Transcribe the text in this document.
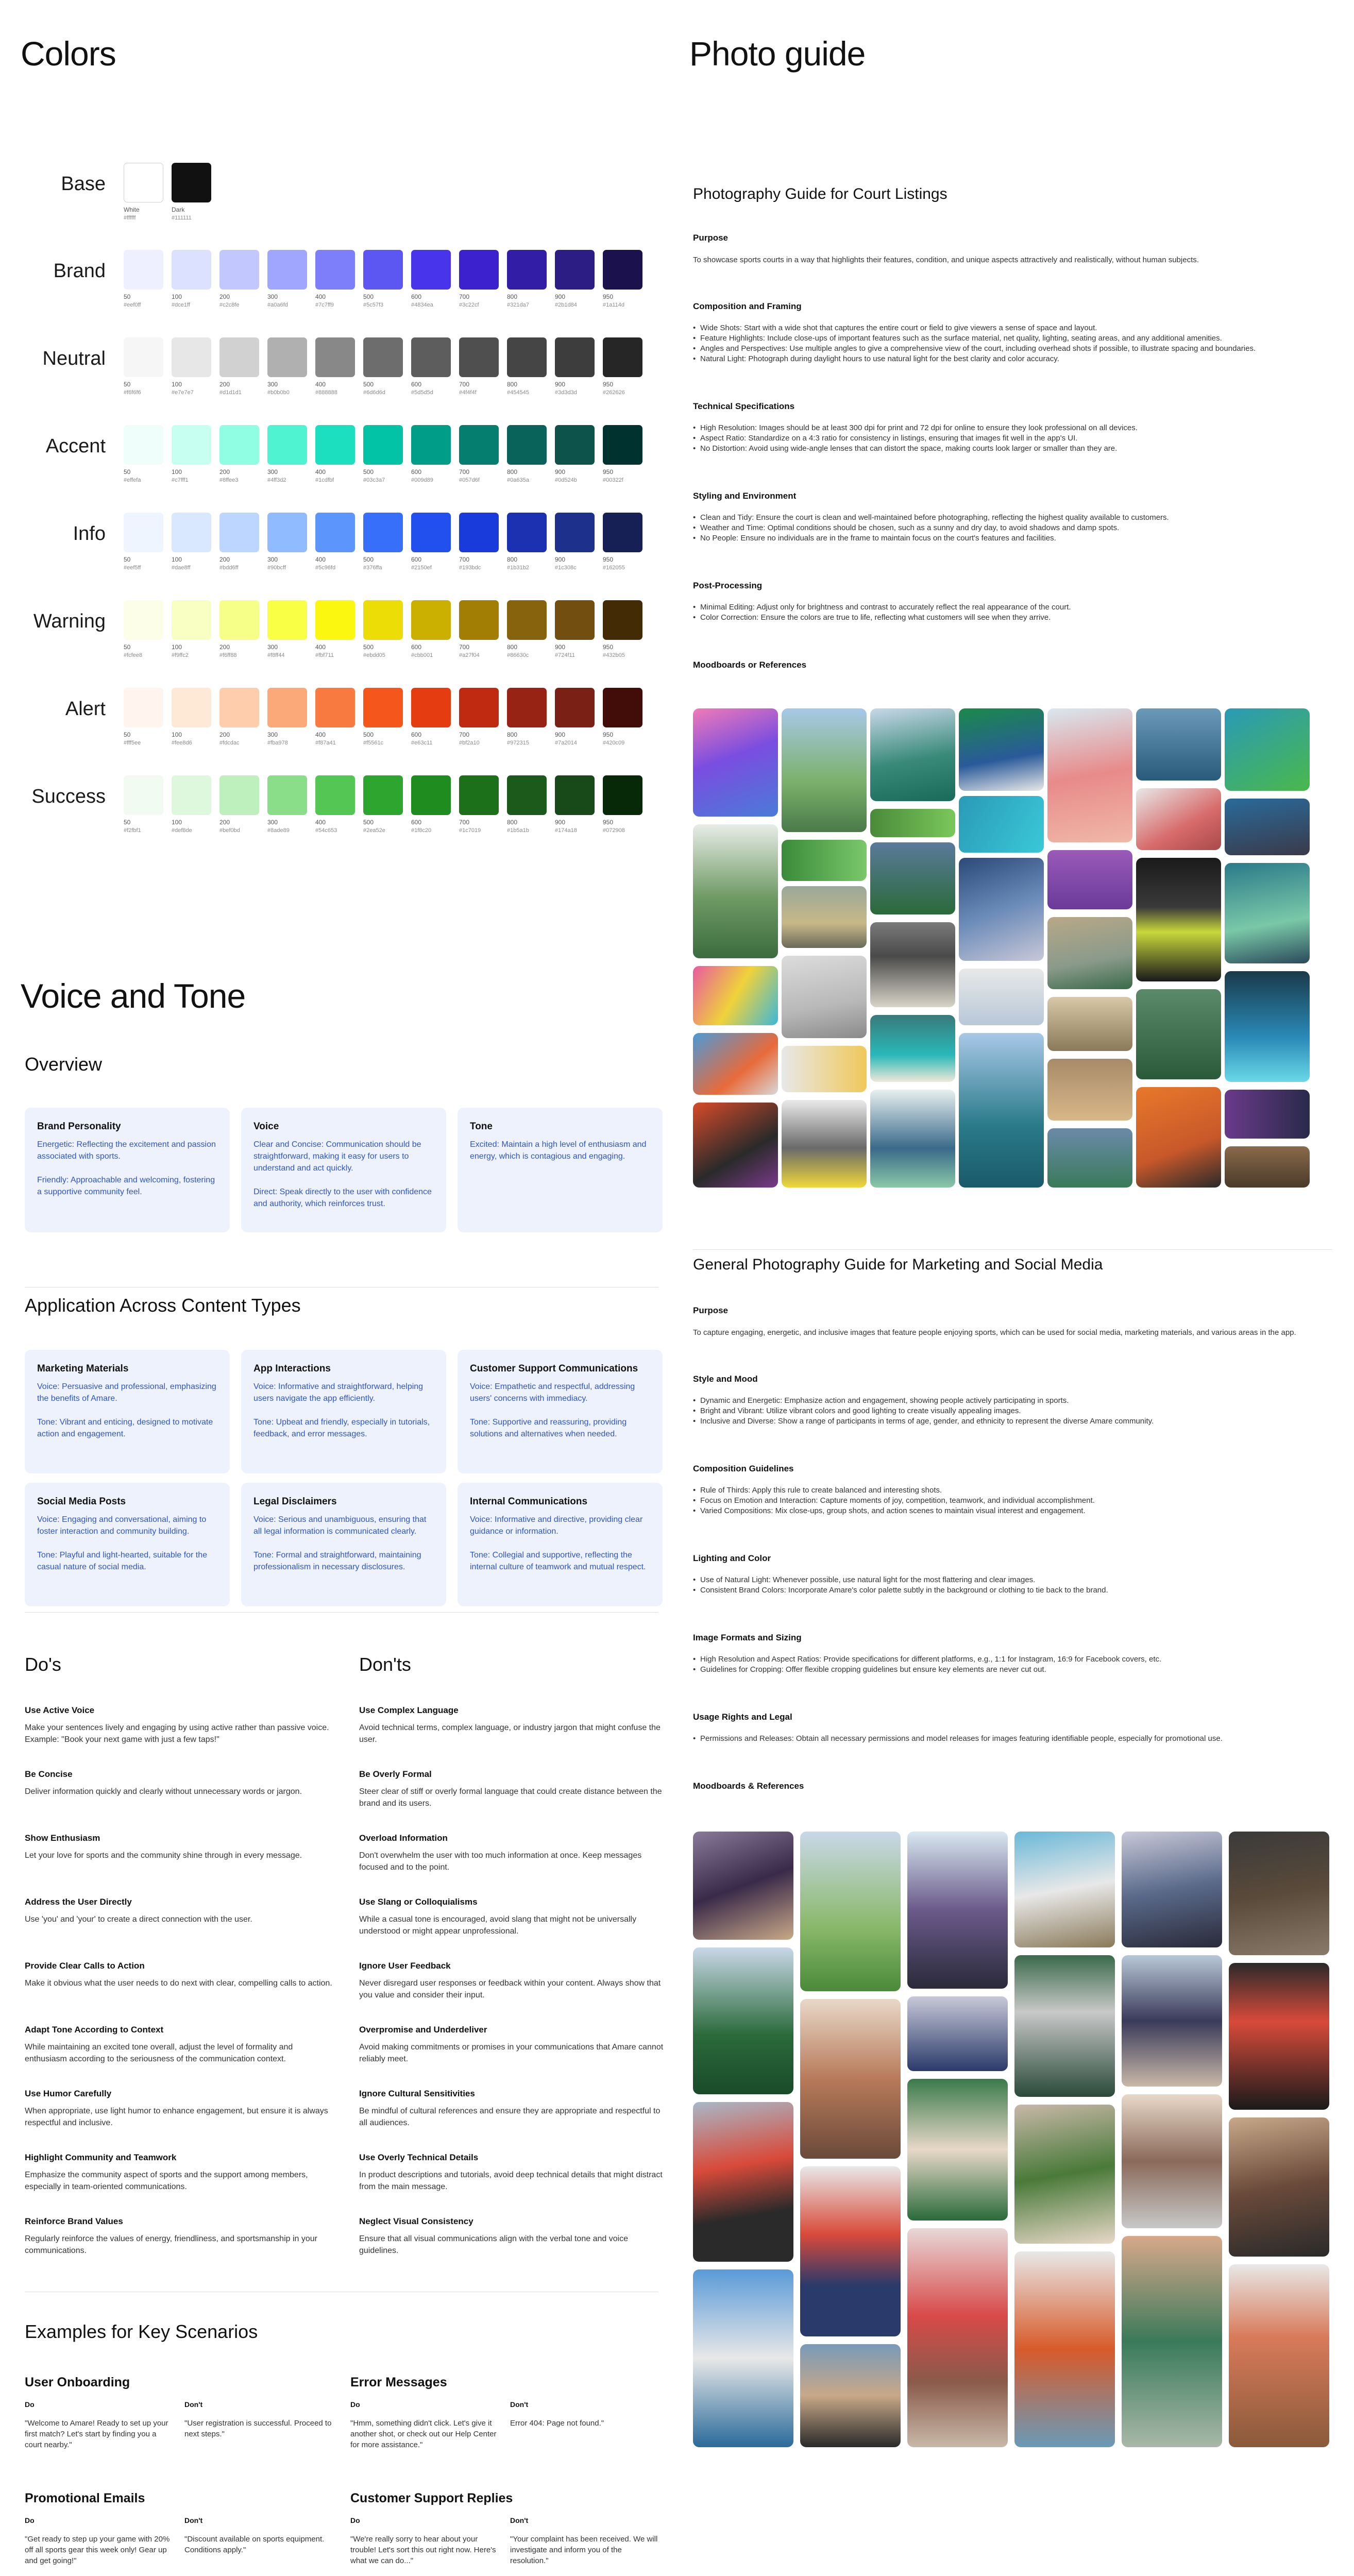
Colors
Base
White
#ffffff
Dark
#111111
Brand
50
#eef0ff
100
#dce1ff
200
#c2c8fe
300
#a0a6fd
400
#7c7ff9
500
#5c57f3
600
#4834ea
700
#3c22cf
800
#321da7
900
#2b1d84
950
#1a114d
Neutral
50
#f6f6f6
100
#e7e7e7
200
#d1d1d1
300
#b0b0b0
400
#888888
500
#6d6d6d
600
#5d5d5d
700
#4f4f4f
800
#454545
900
#3d3d3d
950
#262626
Accent
50
#effefa
100
#c7fff1
200
#8ffee3
300
#4ff3d2
400
#1cdfbf
500
#03c3a7
600
#009d89
700
#057d6f
800
#0a635a
900
#0d524b
950
#00322f
Info
50
#eef5ff
100
#dae8ff
200
#bdd6ff
300
#90bcff
400
#5c96fd
500
#376ffa
600
#2150ef
700
#193bdc
800
#1b31b2
900
#1c308c
950
#162055
Warning
50
#fcfee8
100
#f9ffc2
200
#f6ff88
300
#f8ff44
400
#fbf711
500
#ebdd05
600
#cbb001
700
#a27f04
800
#86630c
900
#724f11
950
#432b05
Alert
50
#fff5ee
100
#fee8d6
200
#fdcdac
300
#fba978
400
#f87a41
500
#f5561c
600
#e63c11
700
#bf2a10
800
#972315
900
#7a2014
950
#420c09
Success
50
#f2fbf1
100
#def8de
200
#bef0bd
300
#8ade89
400
#54c653
500
#2ea52e
600
#1f8c20
700
#1c7019
800
#1b5a1b
900
#174a18
950
#072908
Voice and Tone
Overview
Application Across Content Types
Do's	Don'ts
Examples for Key Scenarios
Photo guide
Photography Guide for Court Listings
Purpose
To showcase sports courts in a way that highlights their features, condition, and unique aspects attractively and realistically, without human subjects.
Composition and Framing
• Wide Shots: Start with a wide shot that captures the entire court or field to give viewers a sense of space and layout.
• Feature Highlights: Include close-ups of important features such as the surface material, net quality, lighting, seating areas, and any additional amenities.
• Angles and Perspectives: Use multiple angles to give a comprehensive view of the court, including overhead shots if possible, to illustrate spacing and boundaries.
• Natural Light: Photograph during daylight hours to use natural light for the best clarity and color accuracy.
Technical Specifications
• High Resolution: Images should be at least 300 dpi for print and 72 dpi for online to ensure they look professional on all devices.
• Aspect Ratio: Standardize on a 4:3 ratio for consistency in listings, ensuring that images fit well in the app's UI.
• No Distortion: Avoid using wide-angle lenses that can distort the space, making courts look larger or smaller than they are.
Styling and Environment
• Clean and Tidy: Ensure the court is clean and well-maintained before photographing, reflecting the highest quality available to customers.
• Weather and Time: Optimal conditions should be chosen, such as a sunny and dry day, to avoid shadows and damp spots.
• No People: Ensure no individuals are in the frame to maintain focus on the court's features and facilities.
Post-Processing
• Minimal Editing: Adjust only for brightness and contrast to accurately reflect the real appearance of the court.
• Color Correction: Ensure the colors are true to life, reflecting what customers will see when they arrive.
Moodboards or References
General Photography Guide for Marketing and Social Media
Purpose
To capture engaging, energetic, and inclusive images that feature people enjoying sports, which can be used for social media, marketing materials, and various areas in the app.
Style and Mood
• Dynamic and Energetic: Emphasize action and engagement, showing people actively participating in sports.
• Bright and Vibrant: Utilize vibrant colors and good lighting to create visually appealing images.
• Inclusive and Diverse: Show a range of participants in terms of age, gender, and ethnicity to represent the diverse Amare community.
Composition Guidelines
• Rule of Thirds: Apply this rule to create balanced and interesting shots.
• Focus on Emotion and Interaction: Capture moments of joy, competition, teamwork, and individual accomplishment.
• Varied Compositions: Mix close-ups, group shots, and action scenes to maintain visual interest and engagement.
Lighting and Color
• Use of Natural Light: Whenever possible, use natural light for the most flattering and clear images.
• Consistent Brand Colors: Incorporate Amare's color palette subtly in the background or clothing to tie back to the brand.
Image Formats and Sizing
• High Resolution and Aspect Ratios: Provide specifications for different platforms, e.g., 1:1 for Instagram, 16:9 for Facebook covers, etc.
• Guidelines for Cropping: Offer flexible cropping guidelines but ensure key elements are never cut out.
Usage Rights and Legal
• Permissions and Releases: Obtain all necessary permissions and model releases for images featuring identifiable people, especially for promotional use.
Moodboards & References
Brand Personality
Energetic: Reflecting the excitement and passion associated with sports.

Friendly: Approachable and welcoming, fostering a supportive community feel.
Voice
Clear and Concise: Communication should be straightforward, making it easy for users to understand and act quickly.

Direct: Speak directly to the user with confidence and authority, which reinforces trust.
Tone
Excited: Maintain a high level of enthusiasm and energy, which is contagious and engaging.
Marketing Materials
Voice: Persuasive and professional, emphasizing the benefits of Amare.

Tone: Vibrant and enticing, designed to motivate action and engagement.
App Interactions
Voice: Informative and straightforward, helping users navigate the app efficiently.

Tone: Upbeat and friendly, especially in tutorials, feedback, and error messages.
Customer Support Communications
Voice: Empathetic and respectful, addressing users' concerns with immediacy.

Tone: Supportive and reassuring, providing solutions and alternatives when needed.
Social Media Posts
Voice: Engaging and conversational, aiming to foster interaction and community building.

Tone: Playful and light-hearted, suitable for the casual nature of social media.
Legal Disclaimers
Voice: Serious and unambiguous, ensuring that all legal information is communicated clearly.

Tone: Formal and straightforward, maintaining professionalism in necessary disclosures.
Internal Communications
Voice: Informative and directive, providing clear guidance or information.

Tone: Collegial and supportive, reflecting the internal culture of teamwork and mutual respect.
Use Active Voice
Make your sentences lively and engaging by using active rather than passive voice. Example: "Book your next game with just a few taps!"
Be Concise
Deliver information quickly and clearly without unnecessary words or jargon.
Show Enthusiasm
Let your love for sports and the community shine through in every message.
Address the User Directly
Use 'you' and 'your' to create a direct connection with the user.
Provide Clear Calls to Action
Make it obvious what the user needs to do next with clear, compelling calls to action.
Adapt Tone According to Context
While maintaining an excited tone overall, adjust the level of formality and enthusiasm according to the seriousness of the communication context.
Use Humor Carefully
When appropriate, use light humor to enhance engagement, but ensure it is always respectful and inclusive.
Highlight Community and Teamwork
Emphasize the community aspect of sports and the support among members, especially in team-oriented communications.
Reinforce Brand Values
Regularly reinforce the values of energy, friendliness, and sportsmanship in your communications.
Use Complex Language
Avoid technical terms, complex language, or industry jargon that might confuse the user.
Be Overly Formal
Steer clear of stiff or overly formal language that could create distance between the brand and its users.
Overload Information
Don't overwhelm the user with too much information at once. Keep messages focused and to the point.
Use Slang or Colloquialisms
While a casual tone is encouraged, avoid slang that might not be universally understood or might appear unprofessional.
Ignore User Feedback
Never disregard user responses or feedback within your content. Always show that you value and consider their input.
Overpromise and Underdeliver
Avoid making commitments or promises in your communications that Amare cannot reliably meet.
Ignore Cultural Sensitivities
Be mindful of cultural references and ensure they are appropriate and respectful to all audiences.
Use Overly Technical Details
In product descriptions and tutorials, avoid deep technical details that might distract from the main message.
Neglect Visual Consistency
Ensure that all visual communications align with the verbal tone and voice guidelines.
User Onboarding
Do
"Welcome to Amare! Ready to set up your first match? Let's start by finding you a court nearby."
Don't
"User registration is successful. Proceed to next steps."
Error Messages
Do
"Hmm, something didn't click. Let's give it another shot, or check out our Help Center for more assistance."
Don't
Error 404: Page not found."
Promotional Emails
Do
"Get ready to step up your game with 20% off all sports gear this week only! Gear up and get going!"
Don't
"Discount available on sports equipment. Conditions apply."
Customer Support Replies
Do
"We're really sorry to hear about your trouble! Let's sort this out right now. Here's what we can do..."
Don't
"Your complaint has been received. We will investigate and inform you of the resolution."
